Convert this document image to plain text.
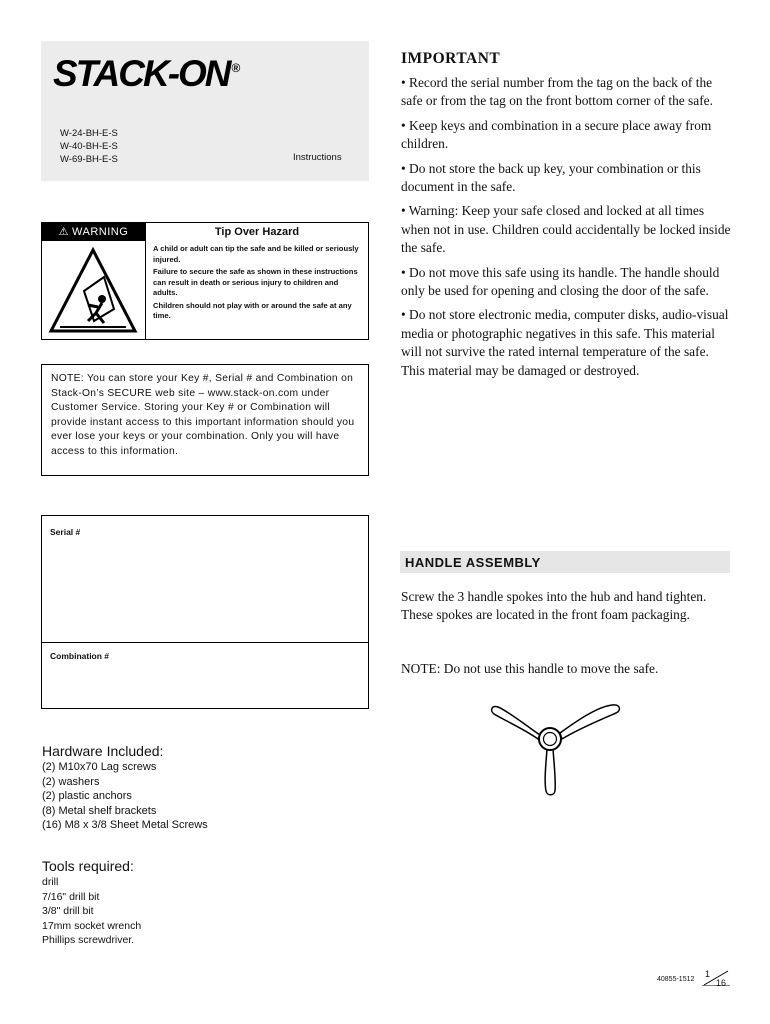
STACK-ON ®
W-24-BH-E-S
W-40-BH-E-S
W-69-BH-E-S	Instructions
⚠ WARNING	Tip Over Hazard

A child or adult can tip the safe and be killed or seriously injured.

Failure to secure the safe as shown in these instructions can result in death or serious injury to children and adults.

Children should not play with or around the safe at any time.

NOTE: You can store your Key #, Serial # and Combination on Stack-On’s SECURE web site – www.stack-on.com under Customer Service. Storing your Key # or Combination will provide instant access to this important information should you ever lose your keys or your combination. Only you will have access to this information.
Serial #
Combination #
Hardware Included:
(2) M10x70 Lag screws
(2) washers
(2) plastic anchors
(8) Metal shelf brackets
(16) M8 x 3/8 Sheet Metal Screws
Tools required:
drill
7/16" drill bit
3/8" drill bit
17mm socket wrench
Phillips screwdriver.
IMPORTANT

• Record the serial number from the tag on the back of the safe or from the tag on the front bottom corner of the safe.

• Keep keys and combination in a secure place away from children.

• Do not store the back up key, your combination or this document in the safe.

• Warning: Keep your safe closed and locked at all times when not in use. Children could accidentally be locked inside the safe.

• Do not move this safe using its handle. The handle should only be used for opening and closing the door of the safe.

• Do not store electronic media, computer disks, audio-visual media or photographic negatives in this safe. This material will not survive the rated internal temperature of the safe. This material may be damaged or destroyed.

HANDLE ASSEMBLY
Screw the 3 handle spokes into the hub and hand tighten. These spokes are located in the front foam packaging.
NOTE: Do not use this handle to move the safe.
40855-1512
1
16
